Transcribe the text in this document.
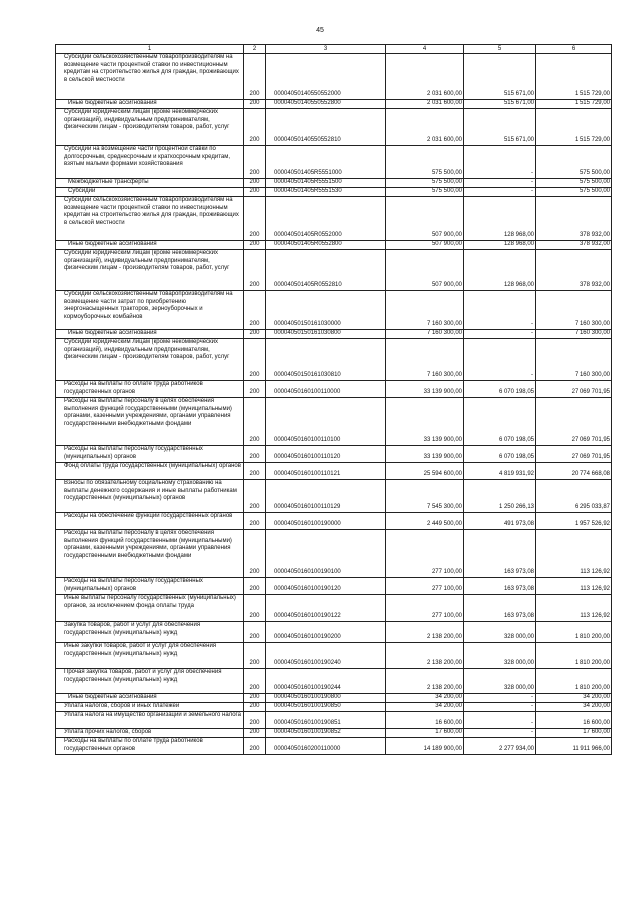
45
1	2	3	4	5	6

Субсидии сельскохозяйственным товаропроизводителям на возмещение части процентной ставки по инвестиционным кредитам на строительство жилья для граждан, проживающих в сельской местности	200	00004050140550552000	2 031 600,00	515 671,00	1 515 729,00

Иные бюджетные ассигнования	200	00004050140550552800	2 031 600,00	515 671,00	1 515 729,00

Субсидии юридическим лицам (кроме некоммерческих организаций), индивидуальным предпринимателям, физическим лицам - производителям товаров, работ, услуг	200	00004050140550552810	2 031 600,00	515 671,00	1 515 729,00

Субсидии на возмещение части процентной ставки по долгосрочным, среднесрочным и краткосрочным кредитам, взятым малыми формами хозяйствования	200	000040501405R5551000	575 500,00	-	575 500,00

Межбюджетные трансферты	200	000040501405R5551500	575 500,00	-	575 500,00

Субсидии	200	000040501405R5551530	575 500,00	-	575 500,00

Субсидии сельскохозяйственным товаропроизводителям на возмещение части процентной ставки по инвестиционным кредитам на строительство жилья для граждан, проживающих в сельской местности	200	000040501405R0552000	507 900,00	128 968,00	378 932,00

Иные бюджетные ассигнования	200	000040501405R0552800	507 900,00	128 968,00	378 932,00

Субсидии юридическим лицам (кроме некоммерческих организаций), индивидуальным предпринимателям, физическим лицам - производителям товаров, работ, услуг	200	000040501405R0552810	507 900,00	128 968,00	378 932,00

Субсидии сельскохозяйственным товаропроизводителям на возмещение части затрат по приобретению энергонасыщенных тракторов, зерноуборочных и кормоуборочных комбайнов	200	00004050150161030000	7 160 300,00	-	7 160 300,00

Иные бюджетные ассигнования	200	00004050150161030800	7 160 300,00	-	7 160 300,00

Субсидии юридическим лицам (кроме некоммерческих организаций), индивидуальным предпринимателям, физическим лицам - производителям товаров, работ, услуг	200	00004050150161030810	7 160 300,00	-	7 160 300,00

Расходы на выплаты по оплате труда работников государственных органов	200	00004050160100110000	33 139 900,00	6 070 198,05	27 069 701,95

Расходы на выплаты персоналу в целях обеспечения выполнения функций государственными (муниципальными) органами, казенными учреждениями, органами управления государственными внебюджетными фондами	200	00004050160100110100	33 139 900,00	6 070 198,05	27 069 701,95

Расходы на выплаты персоналу государственных (муниципальных) органов	200	00004050160100110120	33 139 900,00	6 070 198,05	27 069 701,95

Фонд оплаты труда государственных (муниципальных) органов	200	00004050160100110121	25 594 600,00	4 819 931,92	20 774 668,08

Взносы по обязательному социальному страхованию на выплаты денежного содержания и иные выплаты работникам государственных (муниципальных) органов	200	00004050160100110129	7 545 300,00	1 250 266,13	6 295 033,87

Расходы на обеспечение функций государственных органов	200	00004050160100190000	2 449 500,00	491 973,08	1 957 526,92

Расходы на выплаты персоналу в целях обеспечения выполнения функций государственными (муниципальными) органами, казенными учреждениями, органами управления государственными внебюджетными фондами	200	00004050160100190100	277 100,00	163 973,08	113 126,92

Расходы на выплаты персоналу государственных (муниципальных) органов	200	00004050160100190120	277 100,00	163 973,08	113 126,92

Иные выплаты персоналу государственных (муниципальных) органов, за исключением фонда оплаты труда	200	00004050160100190122	277 100,00	163 973,08	113 126,92

Закупка товаров, работ и услуг для обеспечения государственных (муниципальных) нужд	200	00004050160100190200	2 138 200,00	328 000,00	1 810 200,00

Иные закупки товаров, работ и услуг для обеспечения государственных (муниципальных) нужд	200	00004050160100190240	2 138 200,00	328 000,00	1 810 200,00

Прочая закупка товаров, работ и услуг для обеспечения государственных (муниципальных) нужд	200	00004050160100190244	2 138 200,00	328 000,00	1 810 200,00

Иные бюджетные ассигнования	200	00004050160100190800	34 200,00	-	34 200,00

Уплата налогов, сборов и иных платежей	200	00004050160100190850	34 200,00	-	34 200,00

Уплата налога на имущество организаций и земельного налога	200	00004050160100190851	16 600,00	-	16 600,00

Уплата прочих налогов, сборов	200	00004050160100190852	17 600,00	-	17 600,00

Расходы на выплаты по оплате труда работников государственных органов	200	00004050160200110000	14 189 900,00	2 277 934,00	11 911 966,00
